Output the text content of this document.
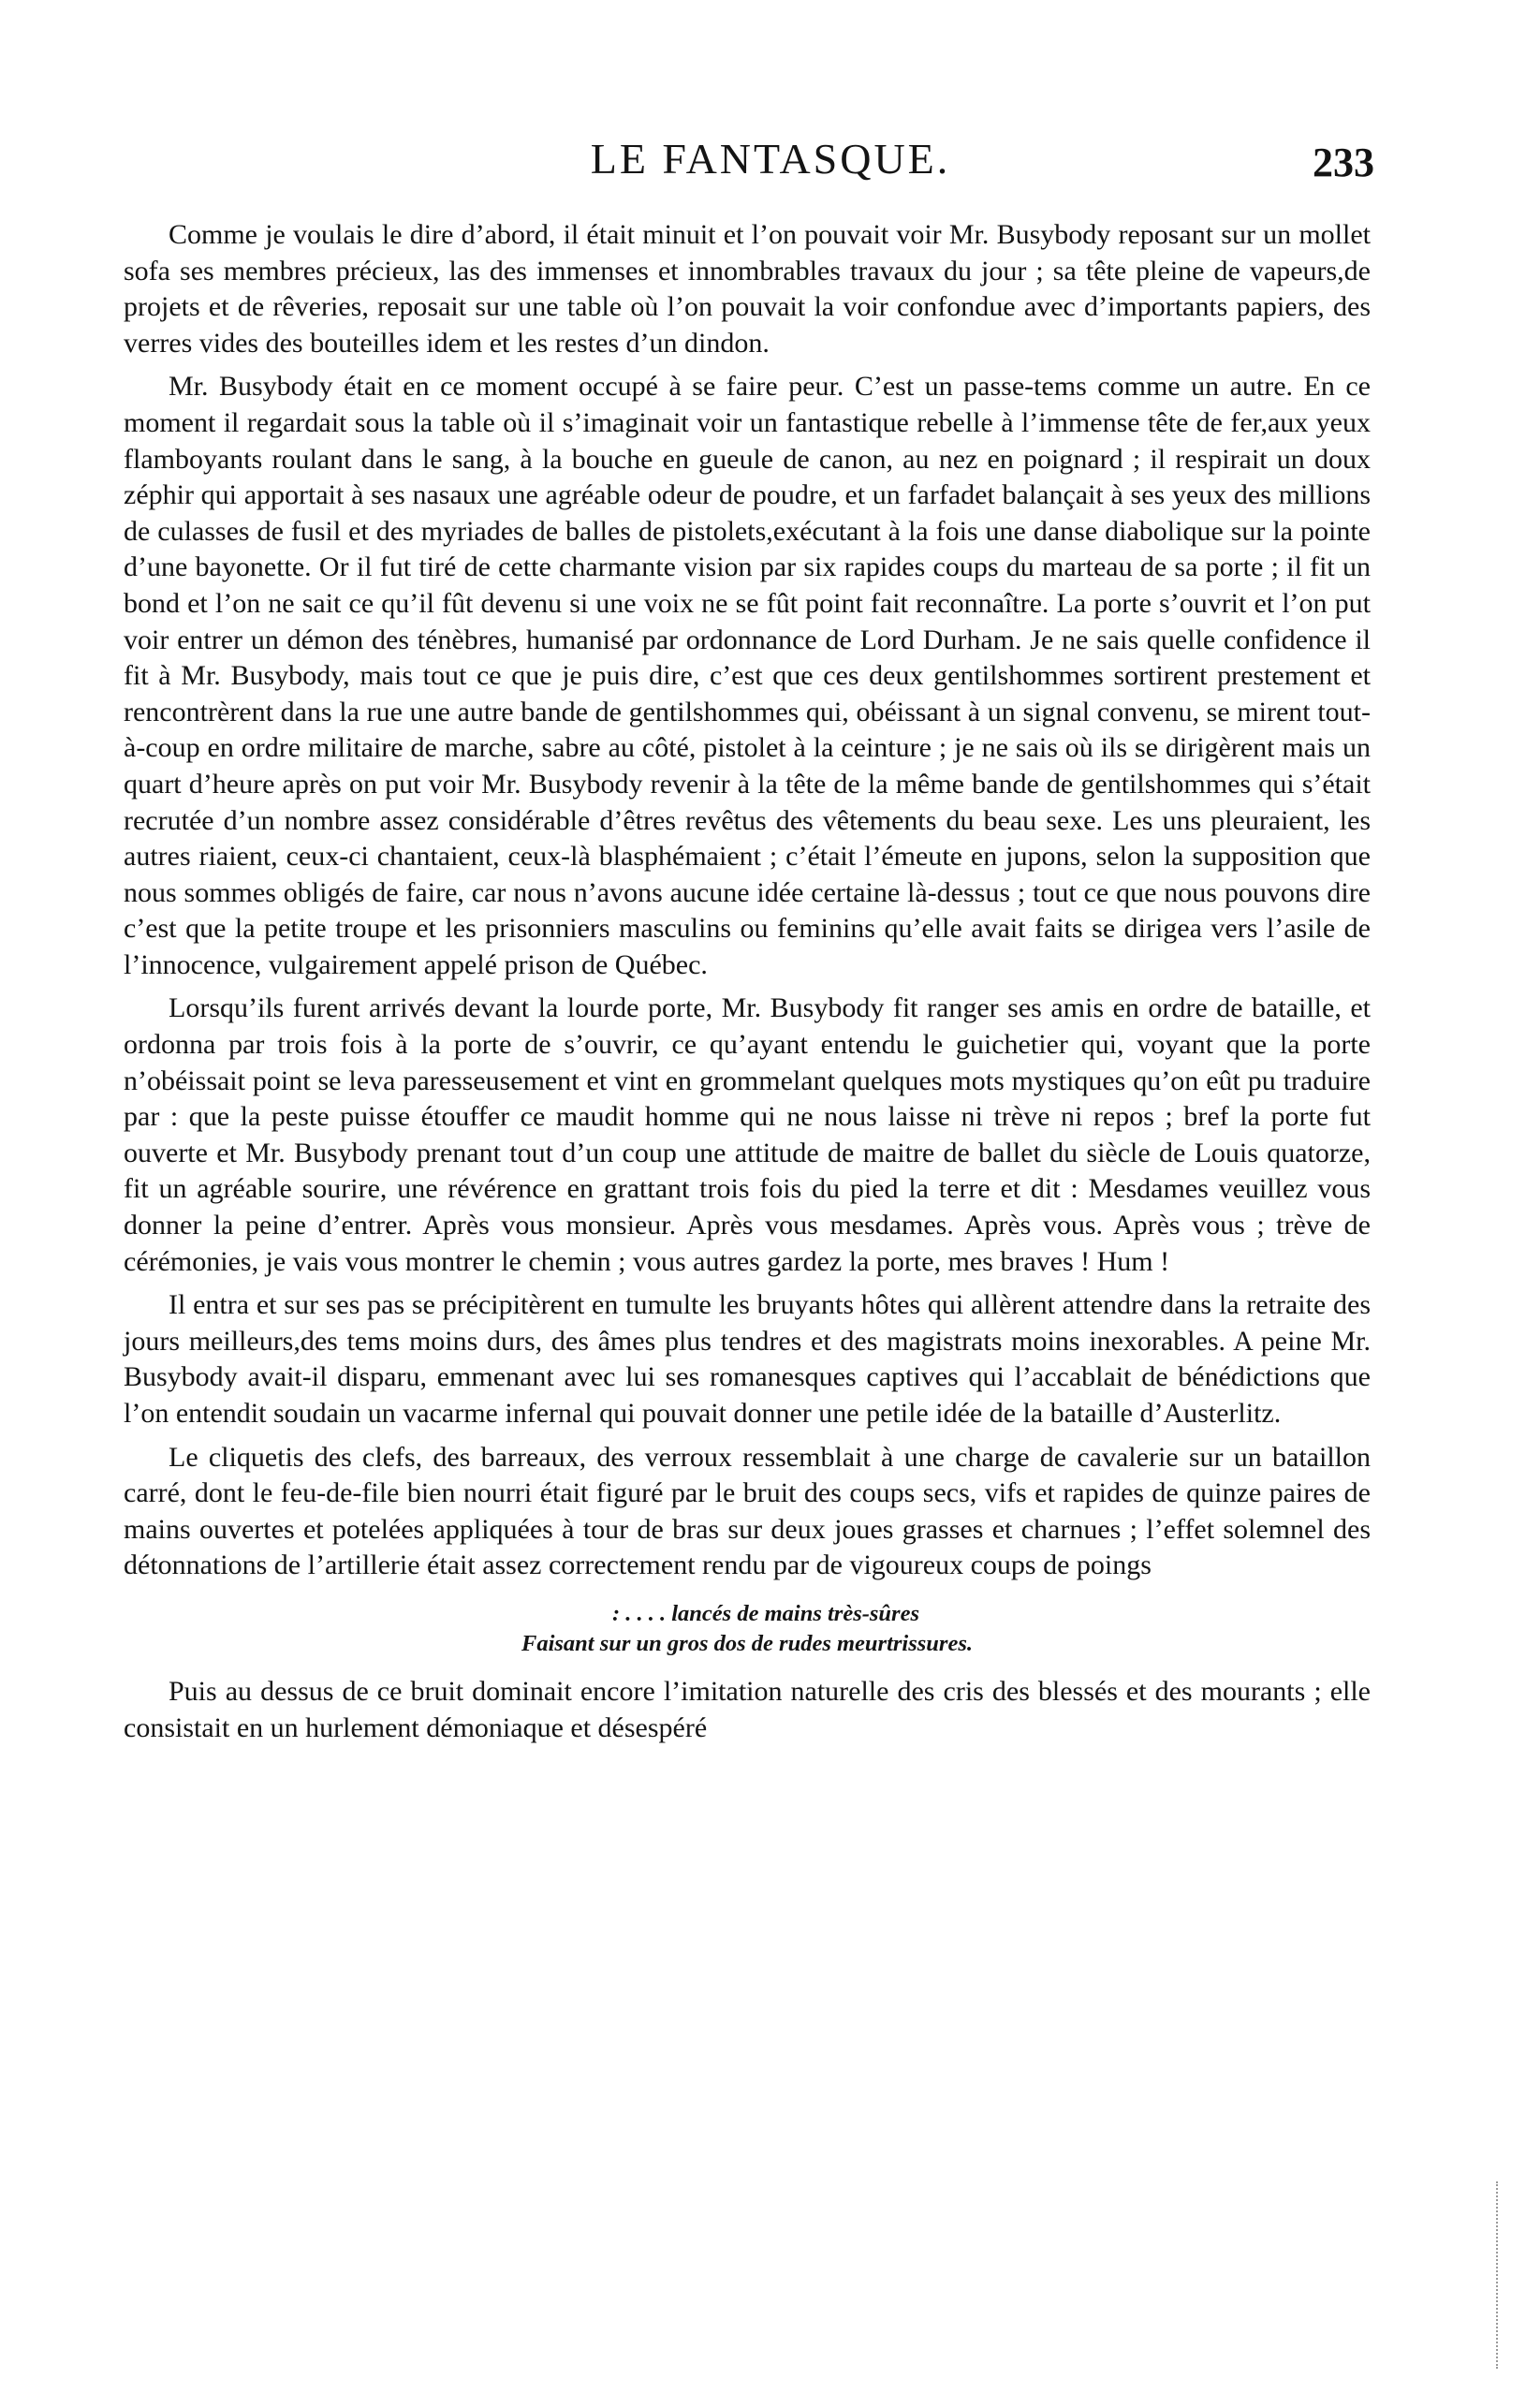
LE FANTASQUE.	233

Comme je voulais le dire d’abord, il était minuit et l’on pouvait voir Mr. Busybody reposant sur un mollet sofa ses membres précieux, las des immenses et innombrables travaux du jour ; sa tête pleine de vapeurs,de projets et de rêveries, reposait sur une table où l’on pouvait la voir confondue avec d’importants papiers, des verres vides des bouteilles idem et les restes d’un dindon.

Mr. Busybody était en ce moment occupé à se faire peur. C’est un passe-tems comme un autre. En ce moment il regardait sous la table où il s’imaginait voir un fantastique rebelle à l’immense tête de fer,aux yeux flamboyants roulant dans le sang, à la bouche en gueule de canon, au nez en poignard ; il respirait un doux zéphir qui apportait à ses nasaux une agréable odeur de poudre, et un farfadet balançait à ses yeux des millions de culasses de fusil et des myriades de balles de pistolets,exécutant à la fois une danse diabolique sur la pointe d’une bayonette. Or il fut tiré de cette charmante vision par six rapides coups du marteau de sa porte ; il fit un bond et l’on ne sait ce qu’il fût devenu si une voix ne se fût point fait reconnaître. La porte s’ouvrit et l’on put voir entrer un démon des ténèbres, humanisé par ordonnance de Lord Durham. Je ne sais quelle confidence il fit à Mr. Busybody, mais tout ce que je puis dire, c’est que ces deux gentilshommes sortirent prestement et rencontrèrent dans la rue une autre bande de gentilshommes qui, obéissant à un signal convenu, se mirent tout-à-coup en ordre militaire de marche, sabre au côté, pistolet à la ceinture ; je ne sais où ils se dirigèrent mais un quart d’heure après on put voir Mr. Busybody revenir à la tête de la même bande de gentilshommes qui s’était recrutée d’un nombre assez considérable d’êtres revêtus des vêtements du beau sexe. Les uns pleuraient, les autres riaient, ceux-ci chantaient, ceux-là blasphémaient ; c’était l’émeute en jupons, selon la supposition que nous sommes obligés de faire, car nous n’avons aucune idée certaine là-dessus ; tout ce que nous pouvons dire c’est que la petite troupe et les prisonniers masculins ou feminins qu’elle avait faits se dirigea vers l’asile de l’innocence, vulgairement appelé prison de Québec.

Lorsqu’ils furent arrivés devant la lourde porte, Mr. Busybody fit ranger ses amis en ordre de bataille, et ordonna par trois fois à la porte de s’ouvrir, ce qu’ayant entendu le guichetier qui, voyant que la porte n’obéissait point se leva paresseusement et vint en grommelant quelques mots mystiques qu’on eût pu traduire par : que la peste puisse étouffer ce maudit homme qui ne nous laisse ni trève ni repos ; bref la porte fut ouverte et Mr. Busybody prenant tout d’un coup une attitude de maitre de ballet du siècle de Louis quatorze, fit un agréable sourire, une révérence en grattant trois fois du pied la terre et dit : Mesdames veuillez vous donner la peine d’entrer. Après vous monsieur. Après vous mesdames. Après vous. Après vous ; trève de cérémonies, je vais vous montrer le chemin ; vous autres gardez la porte, mes braves ! Hum !

Il entra et sur ses pas se précipitèrent en tumulte les bruyants hôtes qui allèrent attendre dans la retraite des jours meilleurs,des tems moins durs, des âmes plus tendres et des magistrats moins inexorables. A peine Mr. Busybody avait-il disparu, emmenant avec lui ses romanesques captives qui l’accablait de bénédictions que l’on entendit soudain un vacarme infernal qui pouvait donner une petile idée de la bataille d’Austerlitz.

Le cliquetis des clefs, des barreaux, des verroux ressemblait à une charge de cavalerie sur un bataillon carré, dont le feu-de-file bien nourri était figuré par le bruit des coups secs, vifs et rapides de quinze paires de mains ouvertes et potelées appliquées à tour de bras sur deux joues grasses et charnues ; l’effet solemnel des détonnations de l’artillerie était assez correctement rendu par de vigoureux coups de poings

: . . . . lancés de mains très-sûres
Faisant sur un gros dos de rudes meurtrissures.

Puis au dessus de ce bruit dominait encore l’imitation naturelle des cris des blessés et des mourants ; elle consistait en un hurlement démoniaque et désespéré
